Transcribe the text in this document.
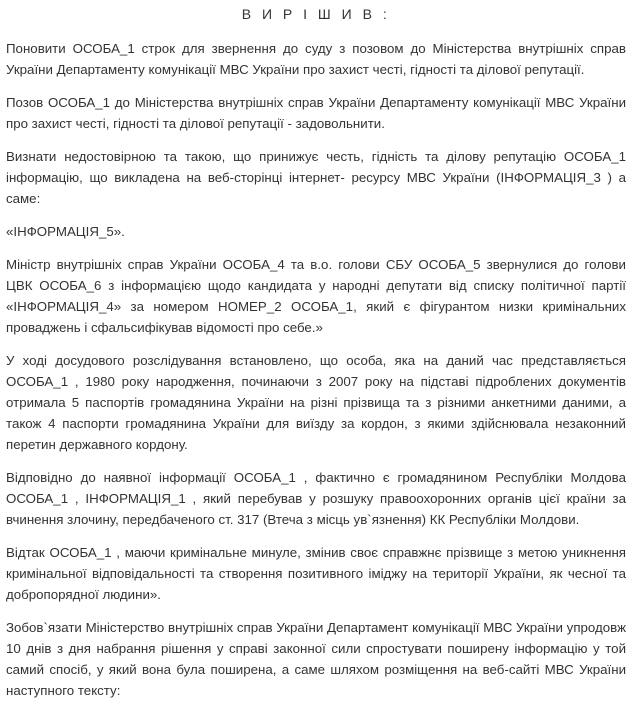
В И Р І Ш И В :

Поновити ОСОБА_1 строк для звернення до суду з позовом до Міністерства внутрішніх справ України Департаменту комунікації МВС України про захист честі, гідності та ділової репутації.

Позов ОСОБА_1 до Міністерства внутрішніх справ України Департаменту комунікації МВС України про захист честі, гідності та ділової репутації - задовольнити.

Визнати недостовірною та такою, що принижує честь, гідність та ділову репутацію ОСОБА_1 інформацію, що викладена на веб-сторінці інтернет- ресурсу МВС України (ІНФОРМАЦІЯ_3 ) а саме:

«ІНФОРМАЦІЯ_5».

Міністр внутрішніх справ України ОСОБА_4 та в.о. голови СБУ ОСОБА_5 звернулися до голови ЦВК ОСОБА_6 з інформацією щодо кандидата у народні депутати від списку політичної партії «ІНФОРМАЦІЯ_4» за номером НОМЕР_2 ОСОБА_1, який є фігурантом низки кримінальних проваджень і сфальсифікував відомості про себе.»

У ході досудового розслідування встановлено, що особа, яка на даний час представляється ОСОБА_1 , 1980 року народження, починаючи з 2007 року на підставі підроблених документів отримала 5 паспортів громадянина України на різні прізвища та з різними анкетними даними, а також 4 паспорти громадянина України для виїзду за кордон, з якими здійснювала незаконний перетин державного кордону.

Відповідно до наявної інформації ОСОБА_1 , фактично є громадянином Республіки Молдова ОСОБА_1 , ІНФОРМАЦІЯ_1 , який перебував у розшуку правоохоронних органів цієї країни за вчинення злочину, передбаченого ст. 317 (Втеча з місць ув`язнення) КК Республіки Молдови.

Відтак ОСОБА_1 , маючи кримінальне минуле, змінив своє справжнє прізвище з метою уникнення кримінальної відповідальності та створення позитивного іміджу на території України, як чесної та добропорядної людини».

Зобов`язати Міністерство внутрішніх справ України Департамент комунікації МВС України упродовж 10 днів з дня набрання рішення у справі законної сили спростувати поширену інформацію у той самий спосіб, у який вона була поширена, а саме шляхом розміщення на веб-сайті МВС України наступного тексту:
